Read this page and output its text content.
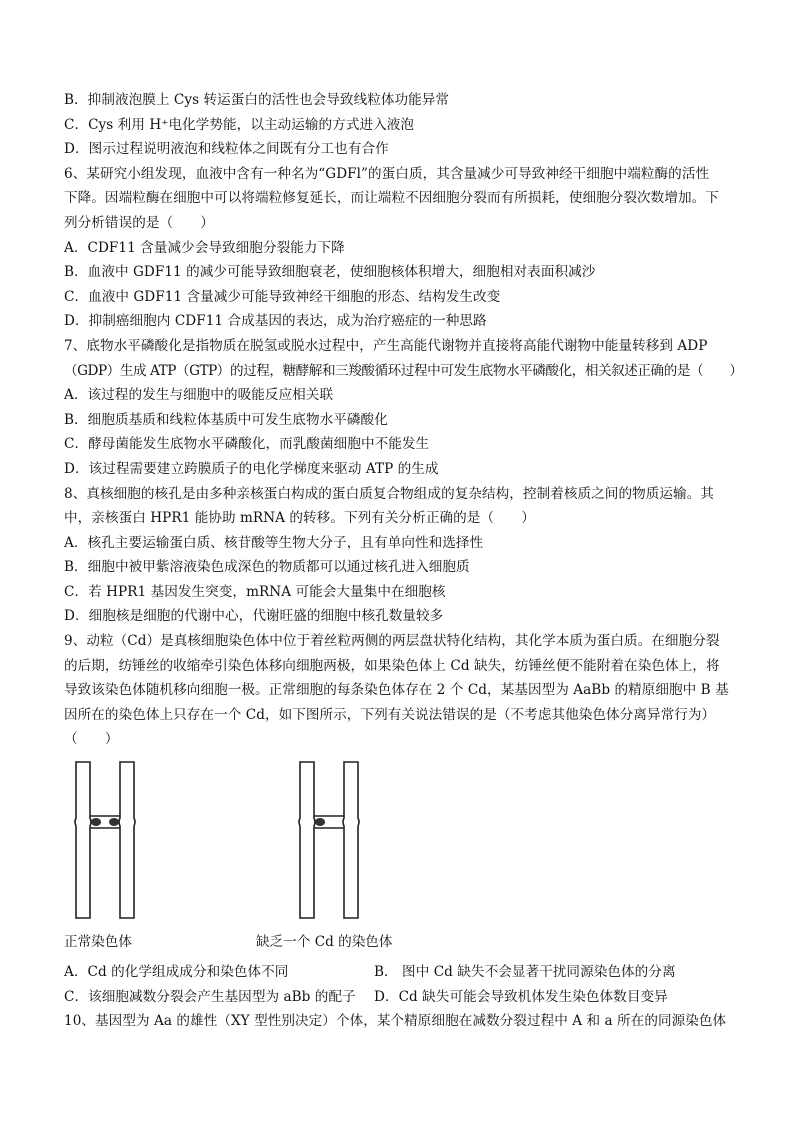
B．抑制液泡膜上 Cys 转运蛋白的活性也会导致线粒体功能异常
C．Cys 利用 H⁺电化学势能，以主动运输的方式进入液泡
D．图示过程说明液泡和线粒体之间既有分工也有合作
6、某研究小组发现，血液中含有一种名为“GDFl”的蛋白质，其含量减少可导致神经干细胞中端粒酶的活性
下降。因端粒酶在细胞中可以将端粒修复延长，而让端粒不因细胞分裂而有所损耗，使细胞分裂次数增加。下
列分析错误的是（　　）
A．CDF11 含量减少会导致细胞分裂能力下降
B．血液中 GDF11 的减少可能导致细胞衰老，使细胞核体积增大，细胞相对表面积减沙
C．血液中 GDF11 含量减少可能导致神经干细胞的形态、结构发生改变
D．抑制癌细胞内 CDF11 合成基因的表达，成为治疗癌症的一种思路
7、底物水平磷酸化是指物质在脱氢或脱水过程中，产生高能代谢物并直接将高能代谢物中能量转移到 ADP
（GDP）生成 ATP（GTP）的过程，糖酵解和三羧酸循环过程中可发生底物水平磷酸化，相关叙述正确的是（　　）
A．该过程的发生与细胞中的吸能反应相关联
B．细胞质基质和线粒体基质中可发生底物水平磷酸化
C．酵母菌能发生底物水平磷酸化，而乳酸菌细胞中不能发生
D．该过程需要建立跨膜质子的电化学梯度来驱动 ATP 的生成
8、真核细胞的核孔是由多种亲核蛋白构成的蛋白质复合物组成的复杂结构，控制着核质之间的物质运输。其
中，亲核蛋白 HPR1 能协助 mRNA 的转移。下列有关分析正确的是（　　）
A．核孔主要运输蛋白质、核苷酸等生物大分子，且有单向性和选择性
B．细胞中被甲紫溶液染色成深色的物质都可以通过核孔进入细胞质
C．若 HPR1 基因发生突变，mRNA 可能会大量集中在细胞核
D．细胞核是细胞的代谢中心，代谢旺盛的细胞中核孔数量较多
9、动粒（Cd）是真核细胞染色体中位于着丝粒两侧的两层盘状特化结构，其化学本质为蛋白质。在细胞分裂
的后期，纺锤丝的收缩牵引染色体移向细胞两极，如果染色体上 Cd 缺失，纺锤丝便不能附着在染色体上，将
导致该染色体随机移向细胞一极。正常细胞的每条染色体存在 2 个 Cd，某基因型为 AaBb 的精原细胞中 B 基
因所在的染色体上只存在一个 Cd，如下图所示，下列有关说法错误的是（不考虑其他染色体分离异常行为）
（　　）
正常染色体	缺乏一个 Cd 的染色体
A．Cd 的化学组成成分和染色体不同	B． 图中 Cd 缺失不会显著干扰同源染色体的分离
C．该细胞减数分裂会产生基因型为 aBb 的配子	D．Cd 缺失可能会导致机体发生染色体数目变异
10、基因型为 Aa 的雄性（XY 型性别决定）个体，某个精原细胞在减数分裂过程中 A 和 a 所在的同源染色体
